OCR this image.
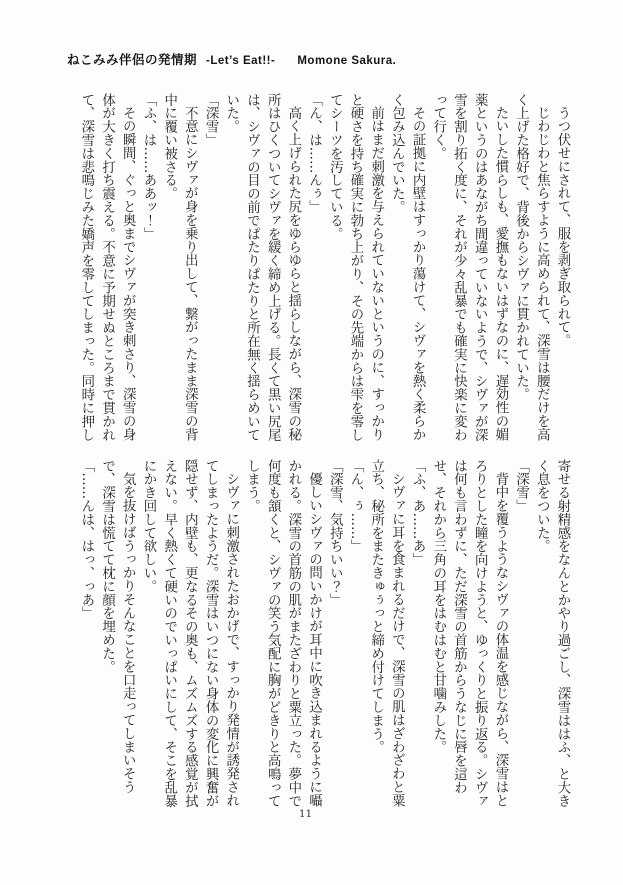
ねこみみ伴侶の発情期 -Let’s Eat!!- Momone Sakura.

うつ伏せにされて、服を剥ぎ取られて。

じわじわと焦らすように高められて、深雪は腰だけを高く上げた格好で、背後からシヴァに貫かれていた。

たいした慣らしも、愛撫もないはずなのに、遅効性の媚薬というのはあながち間違っていないようで、シヴァが深雪を割り拓く度に、それが少々乱暴でも確実に快楽に変わって行く。

その証拠に内壁はすっかり蕩けて、シヴァを熱く柔らかく包み込んでいた。

前はまだ刺激を与えられていないというのに、すっかりと硬さを持ち確実に勃ち上がり、その先端からは雫を零してシーツを汚している。

「ん、は……んぅ」

高く上げられた尻をゆらゆらと揺らしながら、深雪の秘所はひくついてシヴァを緩く締め上げる。長くて黒い尻尾は、シヴァの目の前でぱたりぱたりと所在無く揺らめいていた。

「深雪」

不意にシヴァが身を乗り出して、繋がったまま深雪の背中に覆い被さる。

「ふ、は……ああッ！」

その瞬間、ぐっと奥までシヴァが突き刺さり、深雪の身体が大きく打ち震える。不意に予期せぬところまで貫かれて、深雪は悲鳴じみた嬌声を零してしまった。同時に押し

寄せる射精感をなんとかやり過ごし、深雪ははふ、と大きく息をついた。

「深雪」

背中を覆うようなシヴァの体温を感じながら、深雪はとろりとした瞳を向けようと、ゆっくりと振り返る。シヴァは何も言わずに、ただ深雪の首筋からうなじに唇を這わせ、それから三角の耳をはむはむと甘噛みした。

「ふ、あ……あ」

シヴァに耳を食まれるだけで、深雪の肌はざわざわと粟立ち、秘所をまたきゅぅっと締め付けてしまう。

「ん、ぅ……」

「深雪、気持ちいい？」

優しいシヴァの問いかけが耳中に吹き込まれるように囁かれる。深雪の首筋の肌がまたざわりと粟立った。夢中で何度も頷くと、シヴァの笑う気配に胸がどきりと高鳴ってしまう。

シヴァに刺激されたおかげで、すっかり発情が誘発されてしまったようだ。深雪はいつにない身体の変化に興奮が隠せず、内壁も、更なるその奥も、ムズムズする感覚が拭えない。早く熱くて硬いのでいっぱいにして、そこを乱暴にかき回して欲しい。

気を抜けばうっかりそんなことを口走ってしまいそうで、深雪は慌てて枕に顔を埋めた。

「……んは、はっ、っあ」

11
